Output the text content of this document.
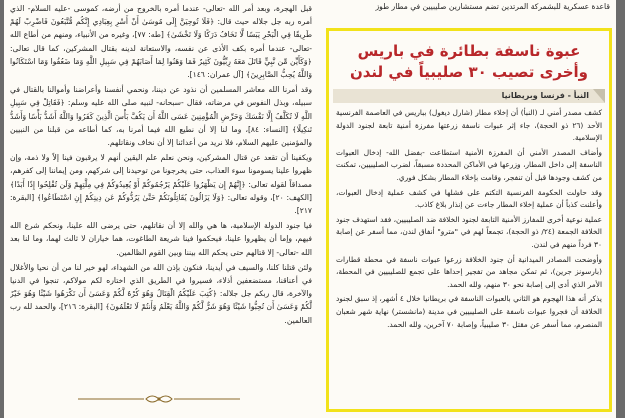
قاعدة عسكرية للبشمركة المرتدين تضم مستشارين صليبيين في مطار طوز

عبوة ناسفة بطائرة في باريس
وأخرى تصيب ٣٠ صليبياً في لندن
النبأ - فرنسا وبريطانيا

كشف مصدر أمني لـ (النبأ) أن إخلاء مطار (شارل ديغول) بباريس في العاصمة الفرنسية الأحد (٢٦ ذو الحجة)، جاء إثر عبوات ناسفة زرعتها مفرزة أمنية تابعة لجنود الدولة الإسلامية.

وأضاف المصدر الأمني أن المفرزة الأمنية استطاعت -بفضل الله- إدخال العبوات الناسفة إلى داخل المطار، وزرعها في الأماكن المحددة مسبقاً، لضرب الصليبيين، تمكنت من كشف وجودها قبل أن تنفجر، وقامت بإخلاء المطار بشكل فوري.

وقد حاولت الحكومة الفرنسية التكتم على فشلها في كشف عملية إدخال العبوات، وأعلنت كذباً أن عملية إخلاء المطار جاءت عن إنذار بلاغ كاذب.

عملية نوعية أخرى للمفارز الأمنية التابعة لجنود الخلافة ضد الصليبيين، فقد استهدف جنود الخلافة الجمعة (٢٤/ ذو الحجة)، تجمعاً لهم في "مترو" أنفاق لندن، مما أسفر عن إصابة ٣٠ فرداً منهم في لندن.

وأوضحت المصادر الميدانية أن جنود الخلافة زرعوا عبوات ناسفة في محطة قطارات (بارسونز جرين)، ثم تمكن مجاهد من تفجير إحداها على تجمع للصليبيين في المحطة، الأمر الذي أدى إلى إصابة نحو ٣٠ منهم، ولله الحمد.

يذكر أنه هذا الهجوم هو الثاني بالعبوات الناسفة في بريطانيا خلال ٤ أشهر، إذ سبق لجنود الخلافة أن فجروا عبوات ناسفة على الصليبيين في مدينة (مانشستر) نهاية شهر شعبان المنصرم، مما أسفر عن مقتل ٣٠ صليبياً، وإصابة ٧٠ آخرين، ولله الحمد.

قبل الهجرة، وبعد أمر الله -تعالى- عندما أمره بالخروج من أرضه، كموسى -عليه السلام- الذي أمره ربه جل جلاله حيث قال: ﴿فَلَا تُوحِيَنَّ إِلَى مُوسَىٰ أَنْ أَسْرِ بِعِبَادِي إِنَّكُم مُّتَّبَعُونَ فَاضْرِبْ لَهُمْ طَرِيقًا فِي الْبَحْرِ يَبَسًا لَّا تَخَافُ دَرَكًا وَلَا تَخْشَىٰ﴾ [طه: ٧٧]، وغيره من الأنبياء، ومنهم من أطاع الله -تعالى- عندما أمره بكف الأذى عن نفسه، والاستعانة لدينه بقتال المشركين، كما قال تعالى: ﴿وَكَأَيِّن مِّن نَّبِيٍّ قَاتَلَ مَعَهُ رِبِّيُّونَ كَثِيرٌ فَمَا وَهَنُوا لِمَا أَصَابَهُمْ فِي سَبِيلِ اللَّهِ وَمَا ضَعُفُوا وَمَا اسْتَكَانُوا وَاللَّهُ يُحِبُّ الصَّابِرِينَ﴾ [آل عمران: ١٤٦].

وقد أمرنا الله معاشر المسلمين أن نذود عن ديننا، ونحمي أنفسنا وأعراضنا وأموالنا بالقتال في سبيله، وبذل النفوس في مرضاته، فقال -سبحانه- لنبيه صلى الله عليه وسلم: ﴿فَقَاتِلْ فِي سَبِيلِ اللَّهِ لَا تُكَلَّفُ إِلَّا نَفْسَكَ وَحَرِّضِ الْمُؤْمِنِينَ عَسَى اللَّهُ أَن يَكُفَّ بَأْسَ الَّذِينَ كَفَرُوا وَاللَّهُ أَشَدُّ بَأْسًا وَأَشَدُّ تَنكِيلًا﴾ [النساء: ٨٤]، وما لنا إلا أن نطيع الله فيما أمرنا به، كما أطاعه من قبلنا من النبيين والمؤمنين عليهم السلام، فلا نريد من أعدائنا إلا أن نخاف ونقاتلهم.

ويكفينا أن تقعد عن قتال المشركين، ونحن نعلم علم اليقين أنهم لا يرقبون فينا إلاً ولا ذمة، وإن ظهروا علينا يسومونا سوء العذاب، حتى يخرجونا من توحيدنا إلى شركهم، ومن إيماننا إلى كفرهم، مصداقاً لقوله تعالى: ﴿إِنَّهُمْ إِن يَظْهَرُوا عَلَيْكُمْ يَرْجُمُوكُمْ أَوْ يُعِيدُوكُمْ فِي مِلَّتِهِمْ وَلَن تُفْلِحُوا إِذًا أَبَدًا﴾ [الكهف: ٢٠]، وقوله تعالى: ﴿وَلَا يَزَالُونَ يُقَاتِلُونَكُمْ حَتَّىٰ يَرُدُّوكُمْ عَن دِينِكُمْ إِنِ اسْتَطَاعُوا﴾ [البقرة: ٢١٧].

فيا جنود الدولة الإسلامية، ها هي والله إلا أن نقاتلهم، حتى يرضى الله علينا، ونحكم شرع الله فيهم، وإما أن يظهروا علينا، فيحكموا فينا شريعة الطاغوت، هما خياران لا ثالث لهما، وما لنا بعد الله -تعالى- إلا قتالهم حتى يحكم الله بيننا وبين القوم الظالمين.

ولئن قتلنا كلنا، والسيف في أيدينا، فنكون بإذن الله من الشهداء، لهو خير لنا من أن نحيا والأغلال في أعناقنا، مستضعفين أذلاء، فسيروا في الطريق الذي اختاره لكم مولاكم، تنجوا في الدنيا والآخرة، قال ربكم جل جلاله: ﴿كُتِبَ عَلَيْكُمُ الْقِتَالُ وَهُوَ كُرْهٌ لَّكُمْ وَعَسَىٰ أَن تَكْرَهُوا شَيْئًا وَهُوَ خَيْرٌ لَّكُمْ وَعَسَىٰ أَن تُحِبُّوا شَيْئًا وَهُوَ شَرٌّ لَّكُمْ وَاللَّهُ يَعْلَمُ وَأَنتُمْ لَا تَعْلَمُونَ﴾ [البقرة: ٢١٦]، والحمد لله رب العالمين.
